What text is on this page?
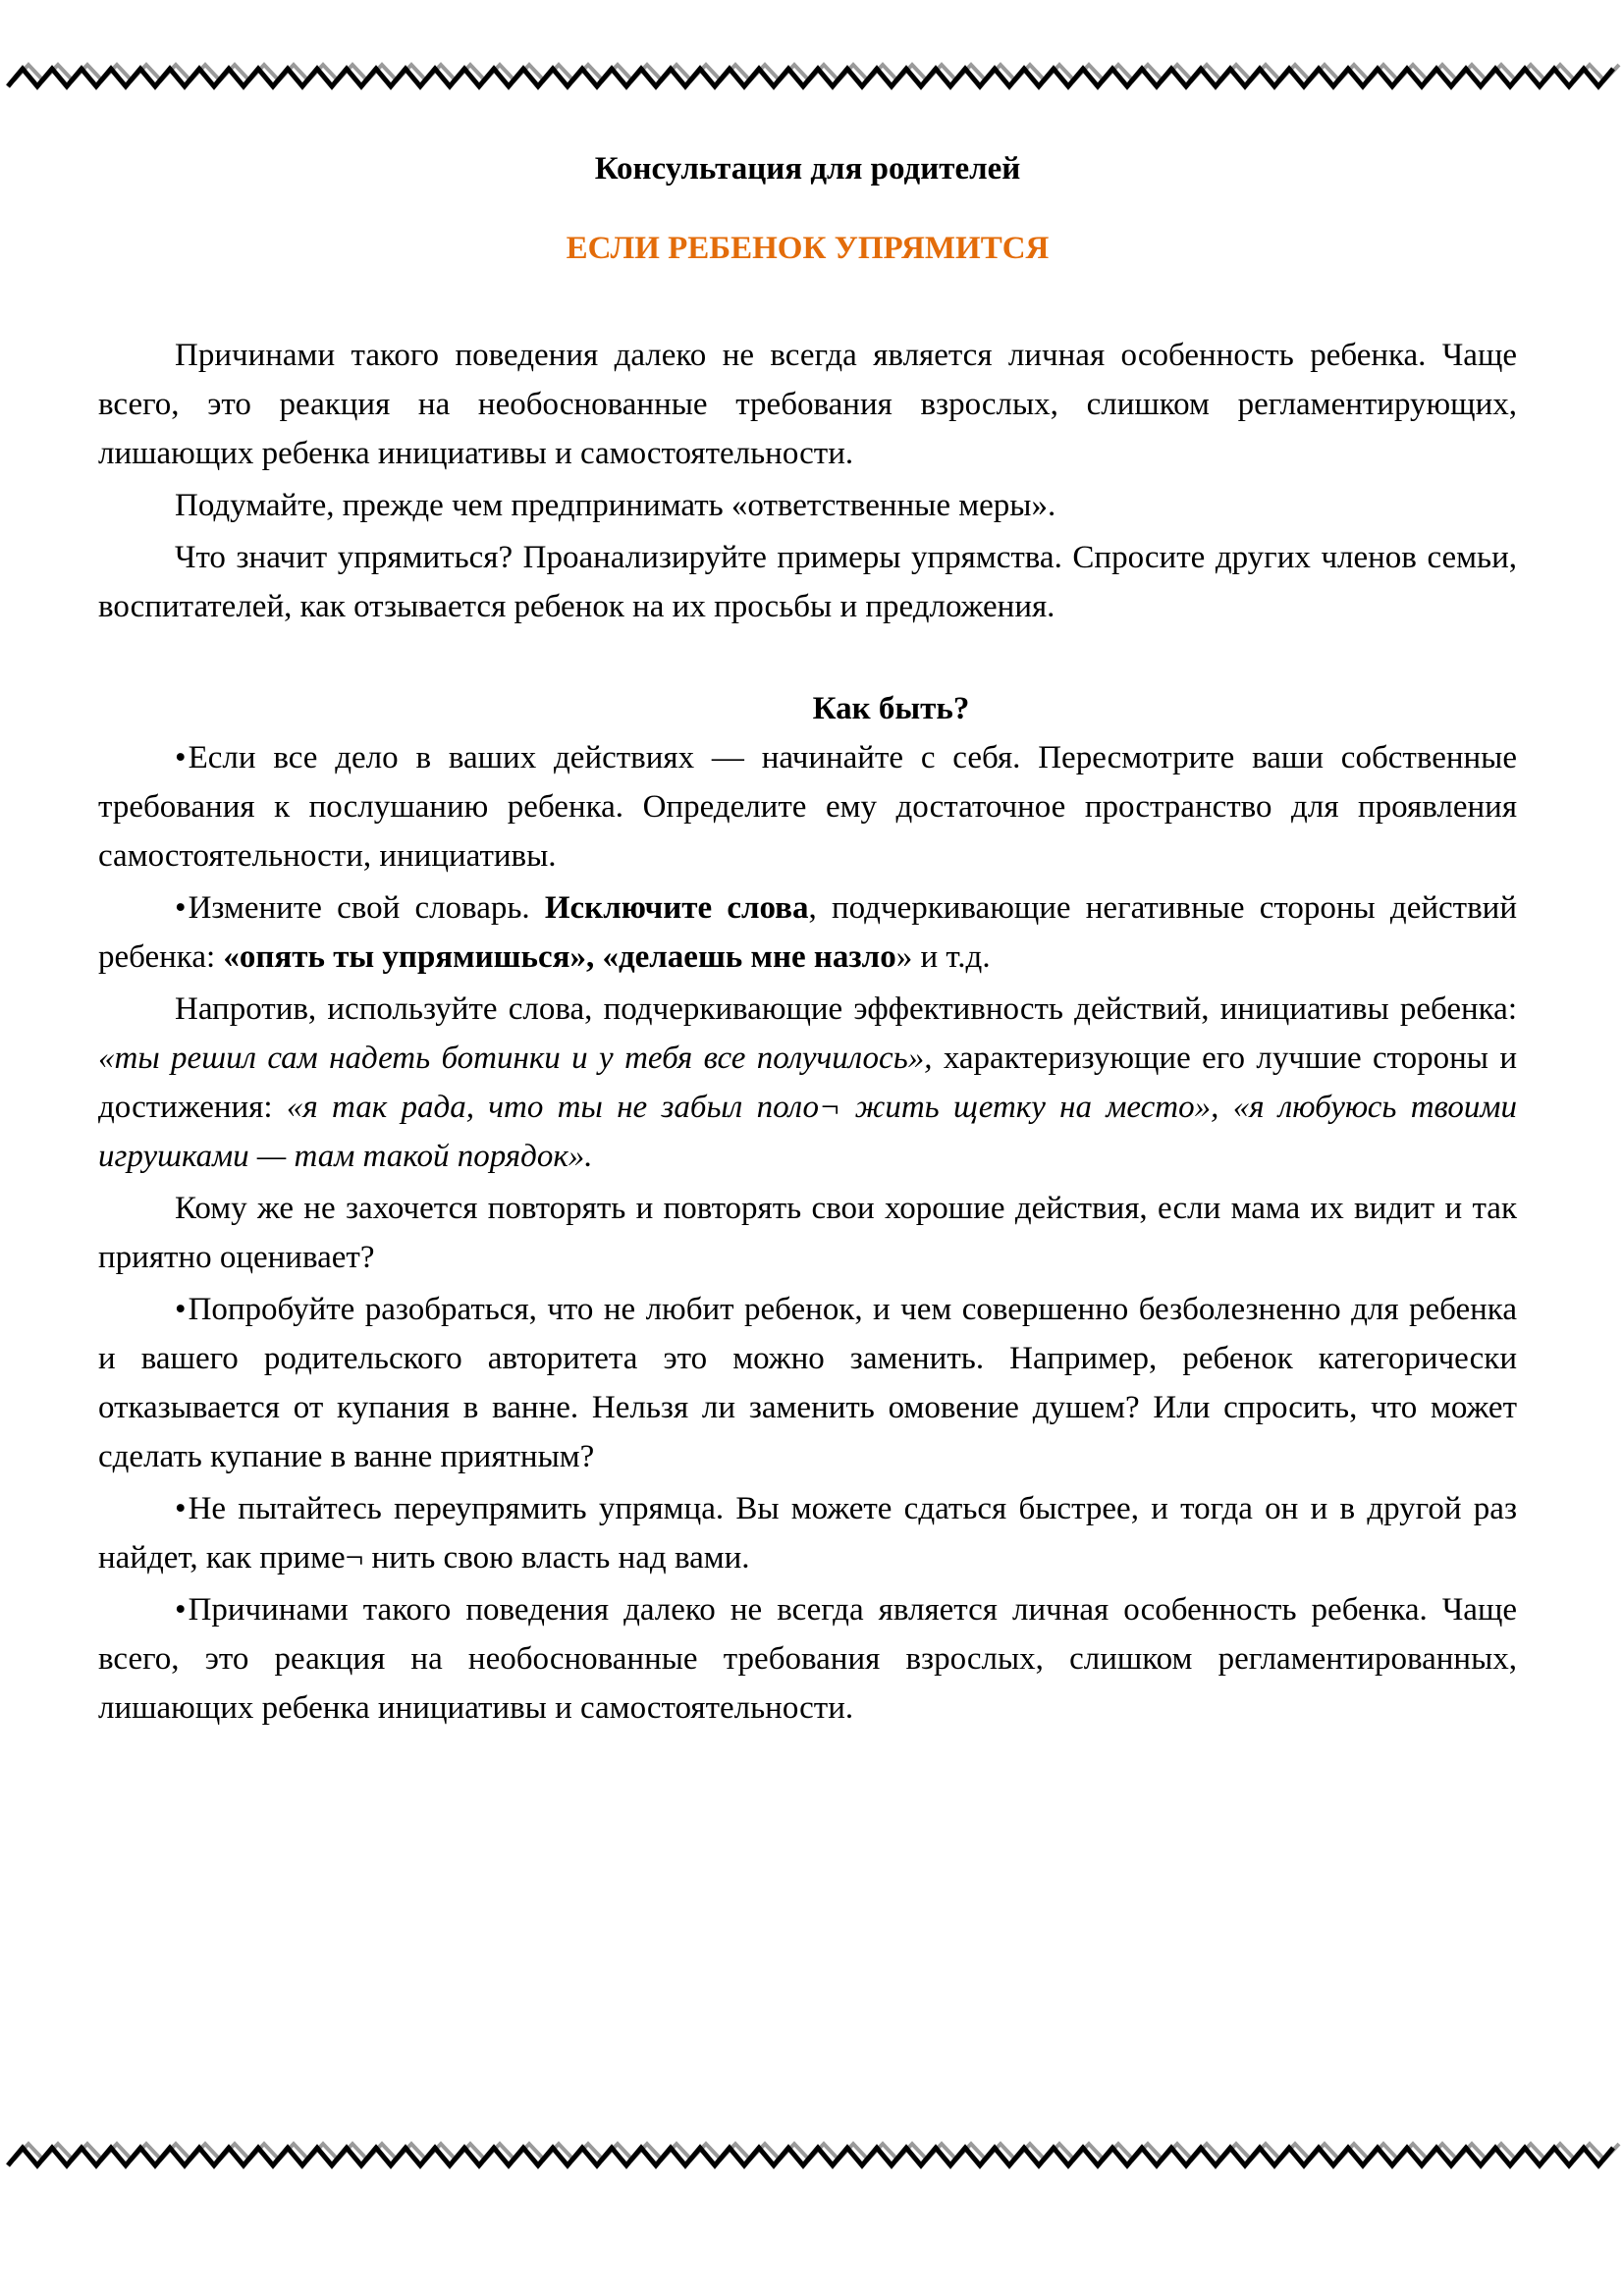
Консультация для родителей

ЕСЛИ РЕБЕНОК УПРЯМИТСЯ

Причинами такого поведения далеко не всегда является личная особенность ребенка. Чаще всего, это реакция на необоснованные требования взрослых, слишком регламентирующих, лишающих ребенка инициативы и самостоятельности.

Подумайте, прежде чем предпринимать «ответственные меры».

Что значит упрямиться? Проанализируйте примеры упрямства. Спросите других членов семьи, воспитателей, как отзывается ребенок на их просьбы и предложения.

Как быть?

•Если все дело в ваших действиях — начинайте с себя. Пересмотрите ваши собственные требования к послушанию ребенка. Определите ему достаточное пространство для проявления самостоятельности, инициативы.

•Измените свой словарь. Исключите слова, подчеркивающие негативные стороны действий ребенка: «опять ты упрямишься», «делаешь мне назло» и т.д.

Напротив, используйте слова, подчеркивающие эффективность действий, инициативы ребенка: «ты решил сам надеть ботинки и у тебя все получилось», характеризующие его лучшие стороны и достижения: «я так рада, что ты не забыл поло¬ жить щетку на место», «я любуюсь твоими игрушками — там такой порядок».

Кому же не захочется повторять и повторять свои хорошие действия, если мама их видит и так приятно оценивает?

•Попробуйте разобраться, что не любит ребенок, и чем совершенно безболезненно для ребенка и вашего родительского авторитета это можно заменить. Например, ребенок категорически отказывается от купания в ванне. Нельзя ли заменить омовение душем? Или спросить, что может сделать купание в ванне приятным?

•Не пытайтесь переупрямить упрямца. Вы можете сдаться быстрее, и тогда он и в другой раз найдет, как приме¬ нить свою власть над вами.

•Причинами такого поведения далеко не всегда является личная особенность ребенка. Чаще всего, это реакция на необоснованные требования взрослых, слишком регламентированных, лишающих ребенка инициативы и самостоятельности.
